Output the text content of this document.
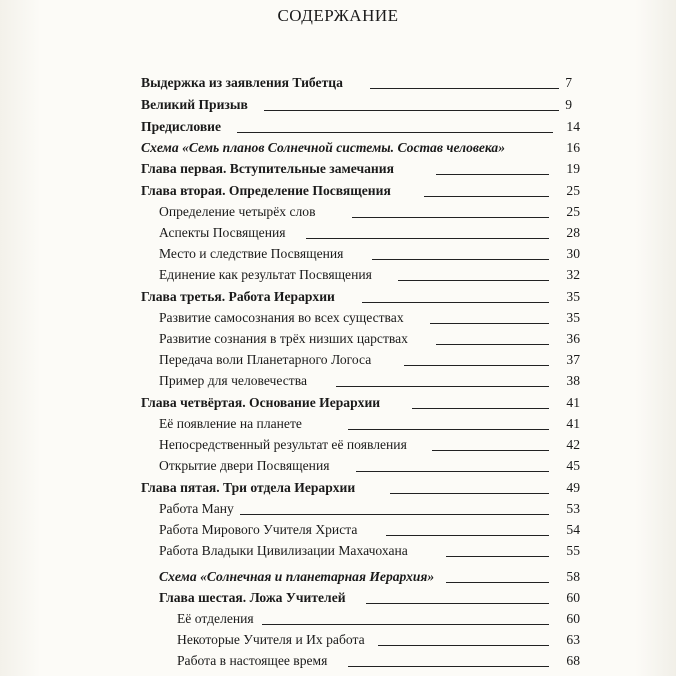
СОДЕРЖАНИЕ
Выдержка из заявления Тибетца	7
Великий Призыв	9
Предисловие	14
Схема «Семь планов Солнечной системы. Состав человека»	16
Глава первая. Вступительные замечания	19
Глава вторая. Определение Посвящения	25
Определение четырёх слов	25
Аспекты Посвящения	28
Место и следствие Посвящения	30
Единение как результат Посвящения	32
Глава третья. Работа Иерархии	35
Развитие самосознания во всех существах	35
Развитие сознания в трёх низших царствах	36
Передача воли Планетарного Логоса	37
Пример для человечества	38
Глава четвёртая. Основание Иерархии	41
Её появление на планете	41
Непосредственный результат её появления	42
Открытие двери Посвящения	45
Глава пятая. Три отдела Иерархии	49
Работа Ману	53
Работа Мирового Учителя Христа	54
Работа Владыки Цивилизации Махачохана	55
Схема «Солнечная и планетарная Иерархия»	58
Глава шестая. Ложа Учителей	60
Её отделения	60
Некоторые Учителя и Их работа	63
Работа в настоящее время	68
